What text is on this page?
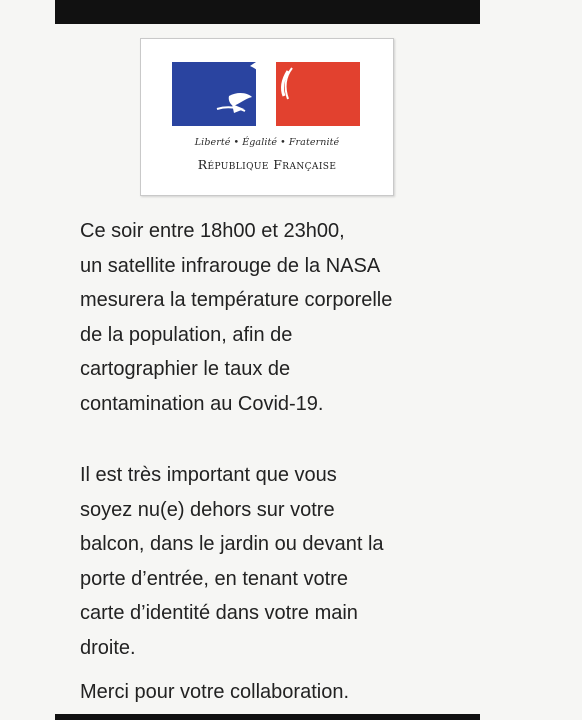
Liberté • Égalité • Fraternité
République Française

Ce soir entre 18h00 et 23h00,
un satellite infrarouge de la NASA
mesurera la température corporelle
de la population, afin de
cartographier le taux de
contamination au Covid-19.

Il est très important que vous
soyez nu(e) dehors sur votre
balcon, dans le jardin ou devant la
porte d’entrée, en tenant votre
carte d’identité dans votre main
droite.

Merci pour votre collaboration.
